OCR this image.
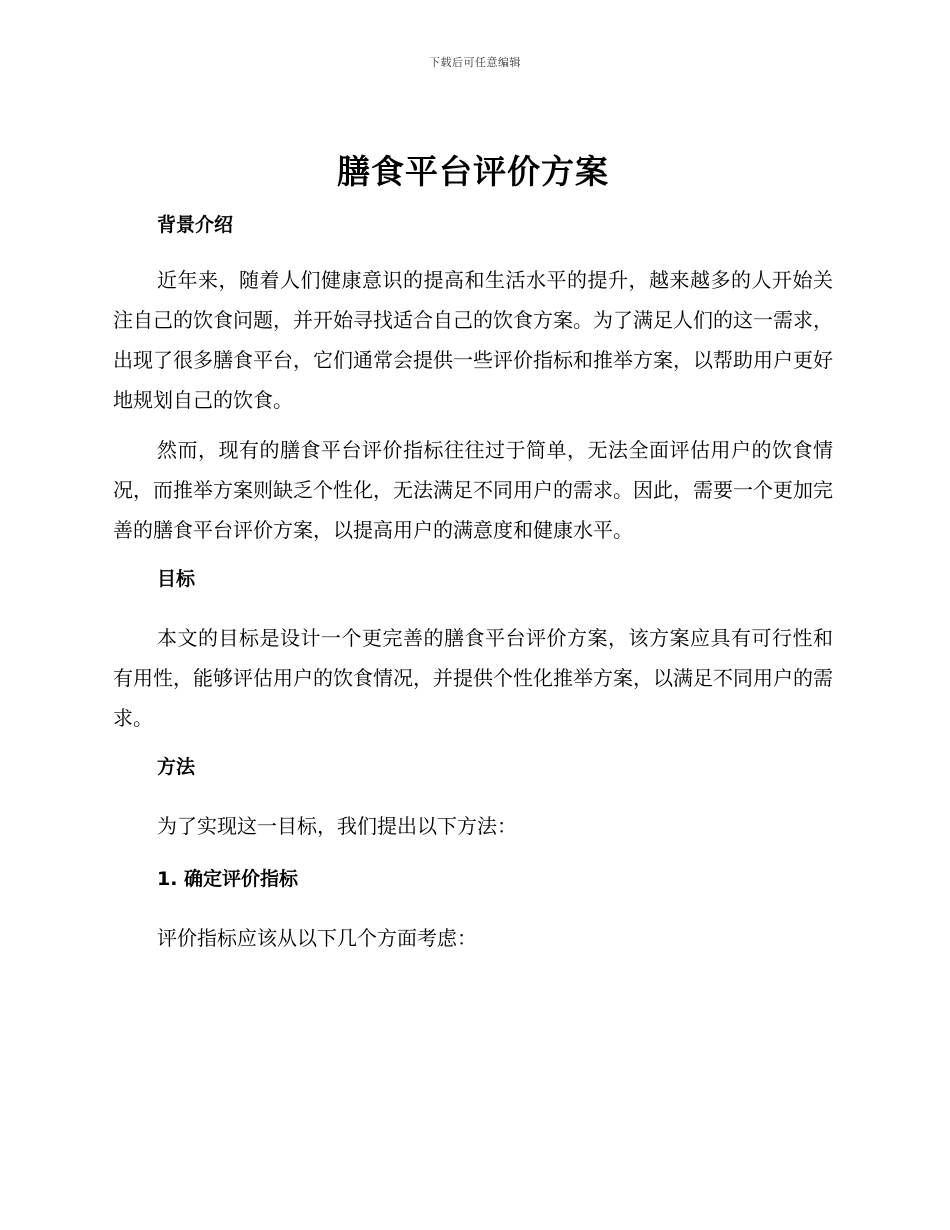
下载后可任意编辑
膳食平台评价方案
背景介绍

近年来，随着人们健康意识的提高和生活水平的提升，越来越多的人开始关注自己的饮食问题，并开始寻找适合自己的饮食方案。为了满足人们的这一需求，出现了很多膳食平台，它们通常会提供一些评价指标和推举方案，以帮助用户更好地规划自己的饮食。

然而，现有的膳食平台评价指标往往过于简单，无法全面评估用户的饮食情况，而推举方案则缺乏个性化，无法满足不同用户的需求。因此，需要一个更加完善的膳食平台评价方案，以提高用户的满意度和健康水平。

目标

本文的目标是设计一个更完善的膳食平台评价方案，该方案应具有可行性和有用性，能够评估用户的饮食情况，并提供个性化推举方案，以满足不同用户的需求。

方法

为了实现这一目标，我们提出以下方法：

1. 确定评价指标

评价指标应该从以下几个方面考虑：
